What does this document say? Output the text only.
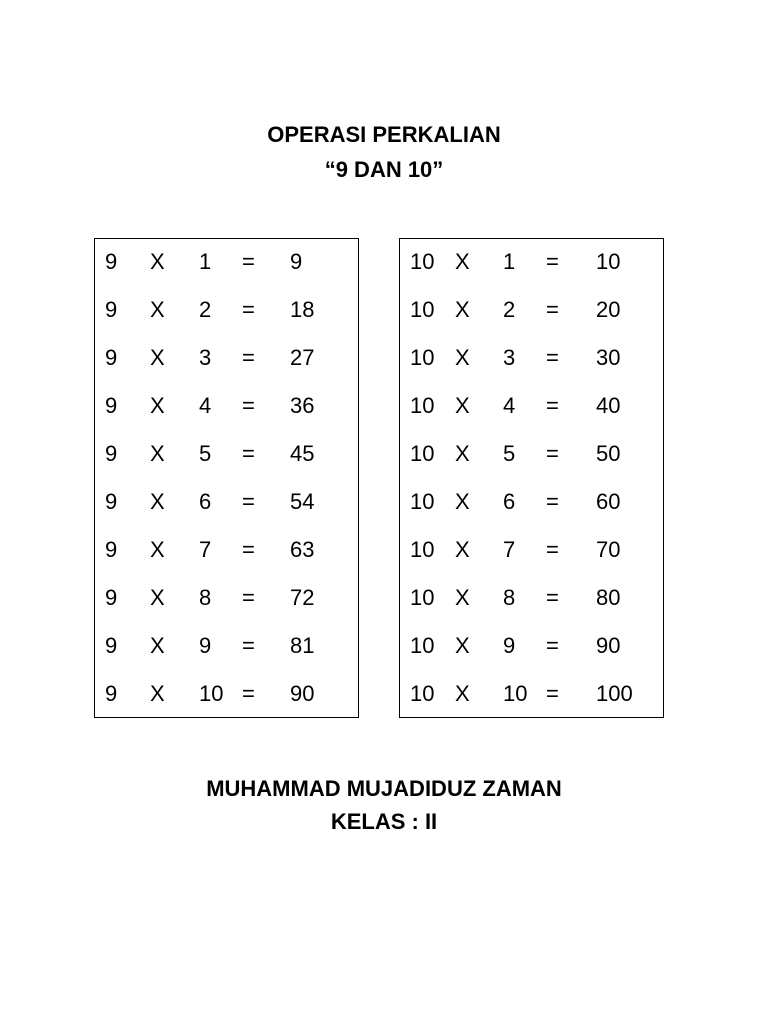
OPERASI PERKALIAN
“9 DAN 10”
9 X 1 = 9
9 X 2 = 18
9 X 3 = 27
9 X 4 = 36
9 X 5 = 45
9 X 6 = 54
9 X 7 = 63
9 X 8 = 72
9 X 9 = 81
9 X 10 = 90
10 X 1 = 10
10 X 2 = 20
10 X 3 = 30
10 X 4 = 40
10 X 5 = 50
10 X 6 = 60
10 X 7 = 70
10 X 8 = 80
10 X 9 = 90
10 X 10 = 100
MUHAMMAD MUJADIDUZ ZAMAN
KELAS : II
